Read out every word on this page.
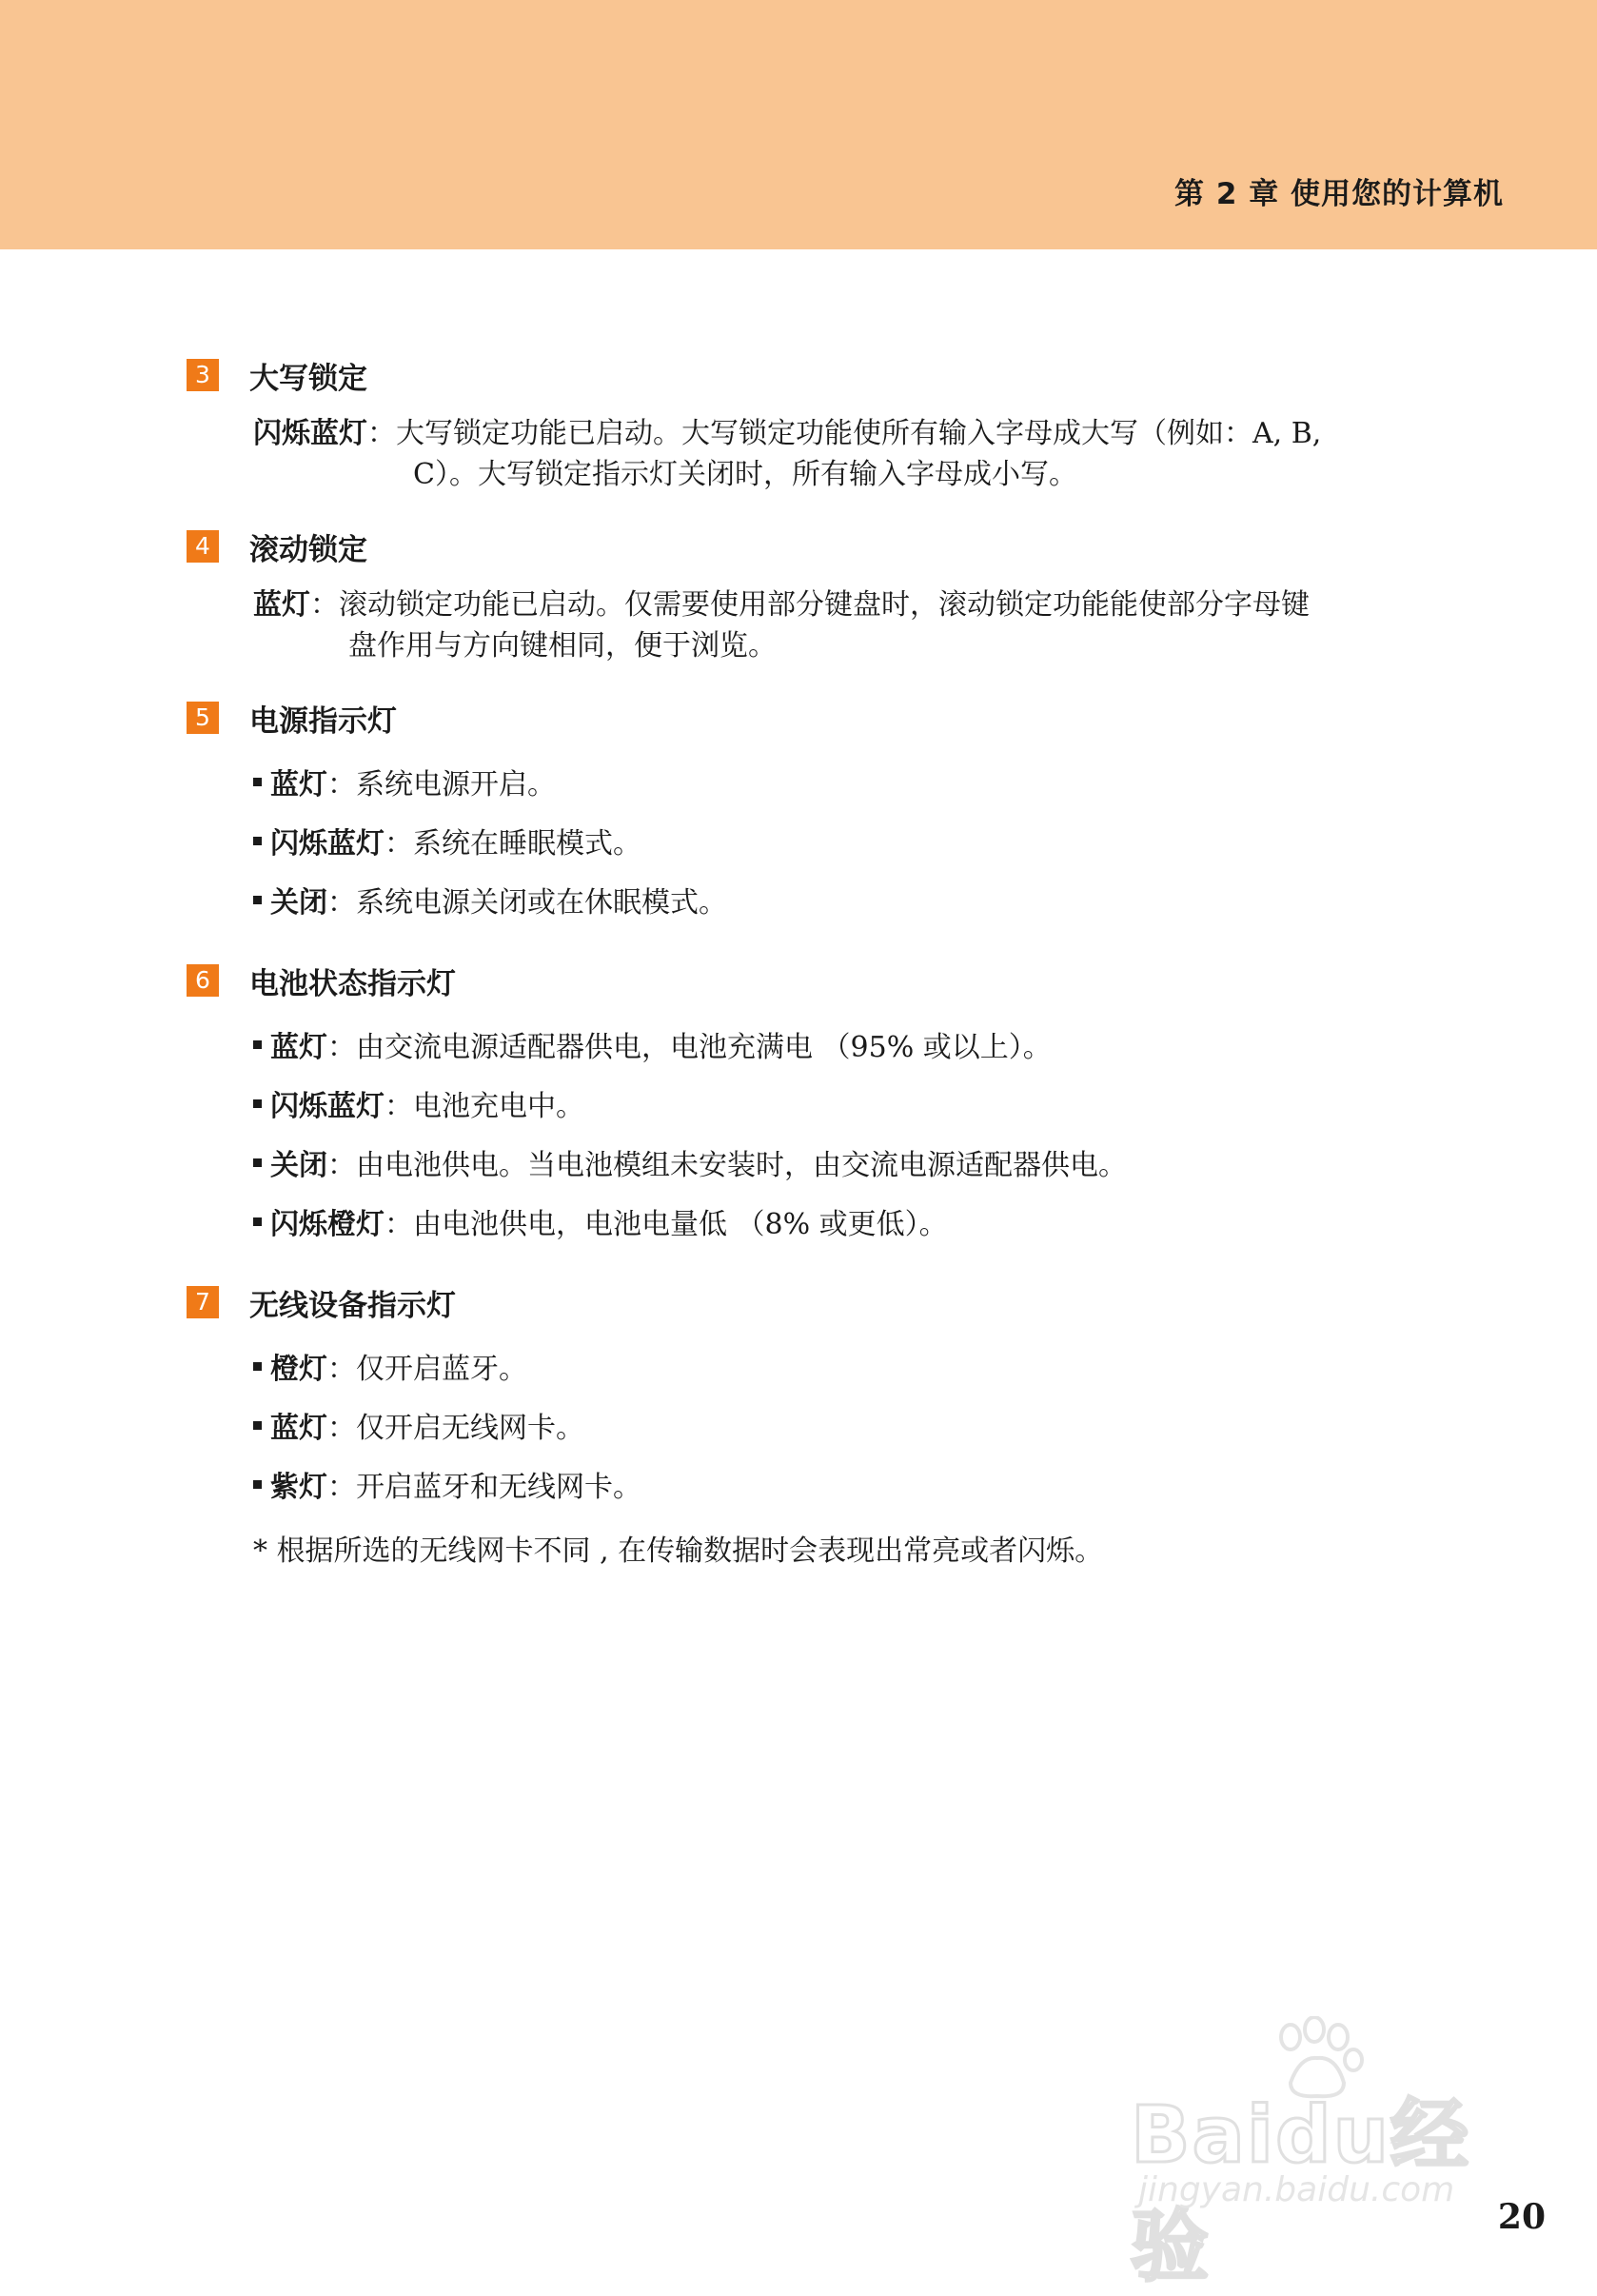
第 2 章 使用您的计算机
3 大写锁定
闪烁蓝灯：大写锁定功能已启动。大写锁定功能使所有输入字母成大写（例如：A, B,
C）。大写锁定指示灯关闭时，所有输入字母成小写。
4 滚动锁定
蓝灯：滚动锁定功能已启动。仅需要使用部分键盘时，滚动锁定功能能使部分字母键
盘作用与方向键相同，便于浏览。
5 电源指示灯
蓝灯 ：系统电源开启。
闪烁蓝灯 ：系统在睡眠模式。
关闭 ：系统电源关闭或在休眠模式。
6 电池状态指示灯
蓝灯 ：由交流电源适配器供电，电池充满电 （95% 或以上）。
闪烁蓝灯 ：电池充电中。
关闭 ：由电池供电。当电池模组未安装时，由交流电源适配器供电。
闪烁橙灯 ：由电池供电，电池电量低 （8% 或更低）。
7 无线设备指示灯
橙灯 ：仅开启蓝牙。
蓝灯 ：仅开启无线网卡。
紫灯 ：开启蓝牙和无线网卡。
* 根据所选的无线网卡不同 , 在传输数据时会表现出常亮或者闪烁。
Baidu经验
jingyan.baidu.com
20
